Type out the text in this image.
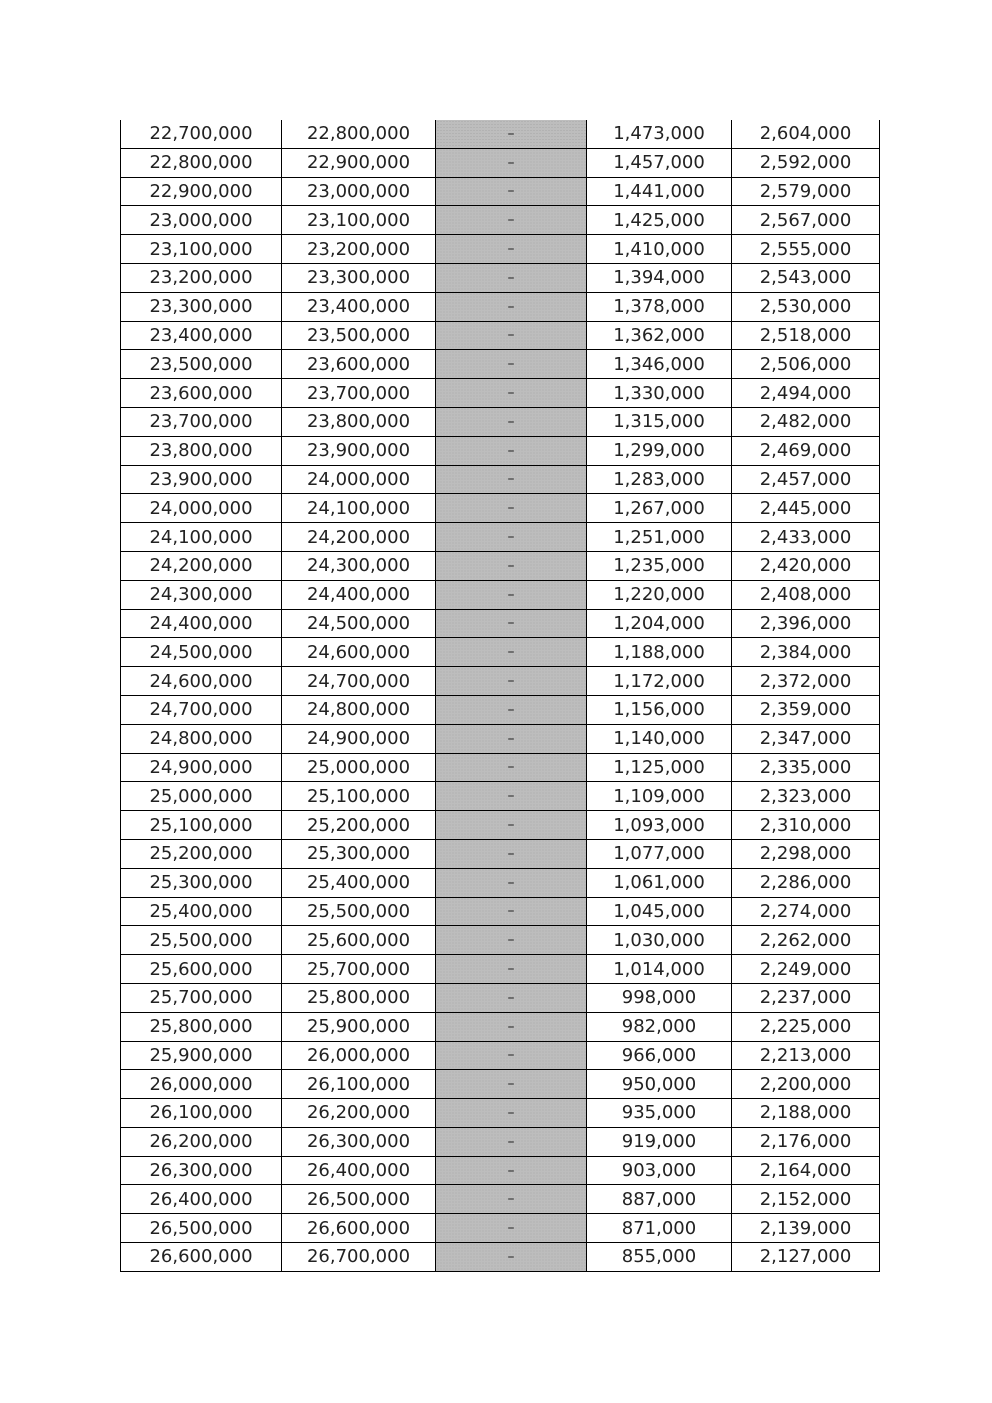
22,700,000	22,800,000	–	1,473,000	2,604,000
22,800,000	22,900,000	–	1,457,000	2,592,000
22,900,000	23,000,000	–	1,441,000	2,579,000
23,000,000	23,100,000	–	1,425,000	2,567,000
23,100,000	23,200,000	–	1,410,000	2,555,000
23,200,000	23,300,000	–	1,394,000	2,543,000
23,300,000	23,400,000	–	1,378,000	2,530,000
23,400,000	23,500,000	–	1,362,000	2,518,000
23,500,000	23,600,000	–	1,346,000	2,506,000
23,600,000	23,700,000	–	1,330,000	2,494,000
23,700,000	23,800,000	–	1,315,000	2,482,000
23,800,000	23,900,000	–	1,299,000	2,469,000
23,900,000	24,000,000	–	1,283,000	2,457,000
24,000,000	24,100,000	–	1,267,000	2,445,000
24,100,000	24,200,000	–	1,251,000	2,433,000
24,200,000	24,300,000	–	1,235,000	2,420,000
24,300,000	24,400,000	–	1,220,000	2,408,000
24,400,000	24,500,000	–	1,204,000	2,396,000
24,500,000	24,600,000	–	1,188,000	2,384,000
24,600,000	24,700,000	–	1,172,000	2,372,000
24,700,000	24,800,000	–	1,156,000	2,359,000
24,800,000	24,900,000	–	1,140,000	2,347,000
24,900,000	25,000,000	–	1,125,000	2,335,000
25,000,000	25,100,000	–	1,109,000	2,323,000
25,100,000	25,200,000	–	1,093,000	2,310,000
25,200,000	25,300,000	–	1,077,000	2,298,000
25,300,000	25,400,000	–	1,061,000	2,286,000
25,400,000	25,500,000	–	1,045,000	2,274,000
25,500,000	25,600,000	–	1,030,000	2,262,000
25,600,000	25,700,000	–	1,014,000	2,249,000
25,700,000	25,800,000	–	998,000	2,237,000
25,800,000	25,900,000	–	982,000	2,225,000
25,900,000	26,000,000	–	966,000	2,213,000
26,000,000	26,100,000	–	950,000	2,200,000
26,100,000	26,200,000	–	935,000	2,188,000
26,200,000	26,300,000	–	919,000	2,176,000
26,300,000	26,400,000	–	903,000	2,164,000
26,400,000	26,500,000	–	887,000	2,152,000
26,500,000	26,600,000	–	871,000	2,139,000
26,600,000	26,700,000	–	855,000	2,127,000
